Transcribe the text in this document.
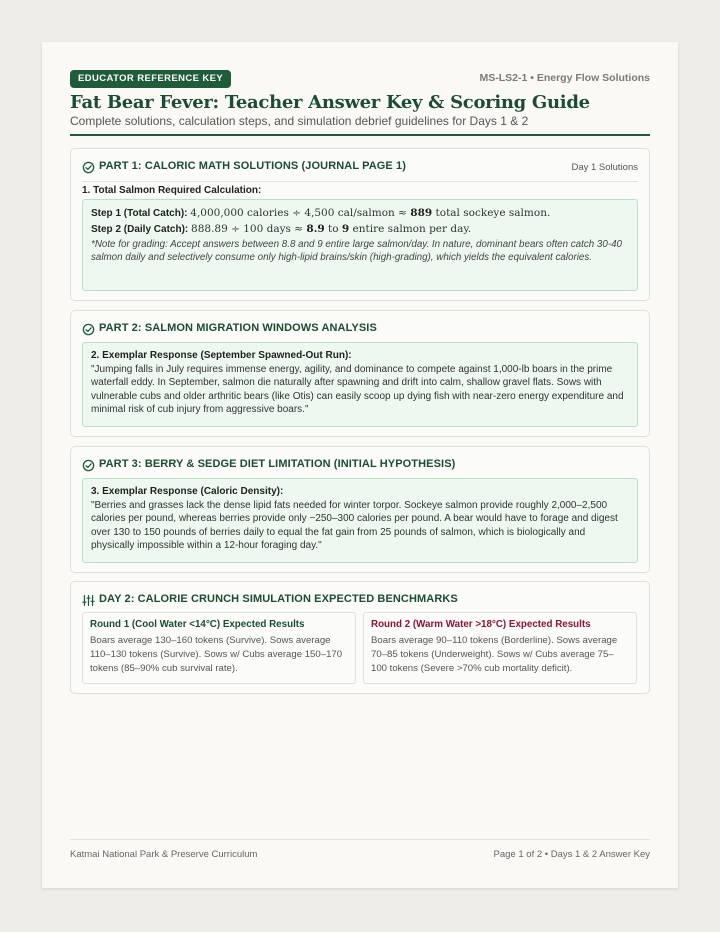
EDUCATOR REFERENCE KEY	MS-LS2-1 • Energy Flow Solutions
Fat Bear Fever: Teacher Answer Key & Scoring Guide
Complete solutions, calculation steps, and simulation debrief guidelines for Days 1 & 2
PART 1: CALORIC MATH SOLUTIONS (JOURNAL PAGE 1)	Day 1 Solutions
1. Total Salmon Required Calculation:
Step 1 (Total Catch): 4,000,000 calories ÷ 4,500 cal/salmon ≈ 889 total sockeye salmon.
Step 2 (Daily Catch): 888.89 ÷ 100 days ≈ 8.9 to 9 entire salmon per day.
*Note for grading: Accept answers between 8.8 and 9 entire large salmon/day. In nature, dominant bears often catch 30-40 salmon daily and selectively consume only high-lipid brains/skin (high-grading), which yields the equivalent calories.
PART 2: SALMON MIGRATION WINDOWS ANALYSIS
2. Exemplar Response (September Spawned-Out Run):
"Jumping falls in July requires immense energy, agility, and dominance to compete against 1,000-lb boars in the prime waterfall eddy. In September, salmon die naturally after spawning and drift into calm, shallow gravel flats. Sows with vulnerable cubs and older arthritic bears (like Otis) can easily scoop up dying fish with near-zero energy expenditure and minimal risk of cub injury from aggressive boars."
PART 3: BERRY & SEDGE DIET LIMITATION (INITIAL HYPOTHESIS)
3. Exemplar Response (Caloric Density):
"Berries and grasses lack the dense lipid fats needed for winter torpor. Sockeye salmon provide roughly 2,000–2,500 calories per pound, whereas berries provide only ~250–300 calories per pound. A bear would have to forage and digest over 130 to 150 pounds of berries daily to equal the fat gain from 25 pounds of salmon, which is biologically and physically impossible within a 12-hour foraging day."
DAY 2: CALORIE CRUNCH SIMULATION EXPECTED BENCHMARKS
Round 1 (Cool Water <14°C) Expected Results
Boars average 130–160 tokens (Survive). Sows average 110–130 tokens (Survive). Sows w/ Cubs average 150–170 tokens (85–90% cub survival rate).
Round 2 (Warm Water >18°C) Expected Results
Boars average 90–110 tokens (Borderline). Sows average 70–85 tokens (Underweight). Sows w/ Cubs average 75–100 tokens (Severe >70% cub mortality deficit).
Katmai National Park & Preserve Curriculum	Page 1 of 2 • Days 1 & 2 Answer Key
